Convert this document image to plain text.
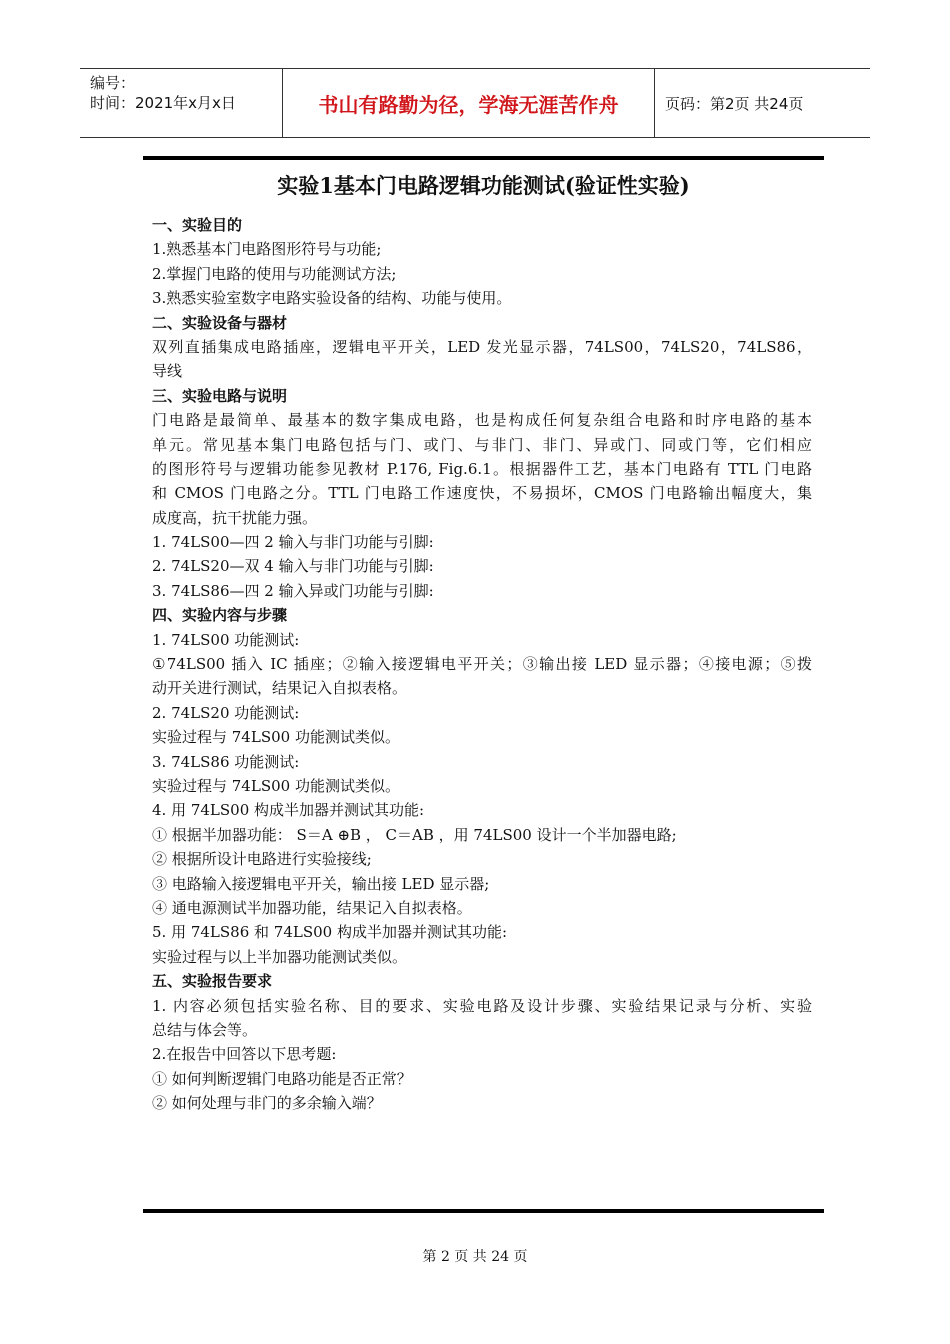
编号：
时间：2021年x月x日	书山有路勤为径，学海无涯苦作舟	页码：第2页 共24页
实验1基本门电路逻辑功能测试(验证性实验)
一、实验目的
1.熟悉基本门电路图形符号与功能;
2.掌握门电路的使用与功能测试方法;
3.熟悉实验室数字电路实验设备的结构、功能与使用。
二、实验设备与器材
双列直插集成电路插座，逻辑电平开关，LED 发光显示器，74LS00，74LS20，74LS86，
导线
三、实验电路与说明
门电路是最简单、最基本的数字集成电路，也是构成任何复杂组合电路和时序电路的基本
单元。常见基本集门电路包括与门、或门、与非门、非门、异或门、同或门等，它们相应
的图形符号与逻辑功能参见教材 P.176, Fig.6.1。根据器件工艺，基本门电路有 TTL 门电路
和 CMOS 门电路之分。TTL 门电路工作速度快，不易损坏，CMOS 门电路输出幅度大，集
成度高，抗干扰能力强。
1. 74LS00—四 2 输入与非门功能与引脚:
2. 74LS20—双 4 输入与非门功能与引脚:
3. 74LS86—四 2 输入异或门功能与引脚:
四、实验内容与步骤
1. 74LS00 功能测试:
①74LS00 插入 IC 插座；②输入接逻辑电平开关；③输出接 LED 显示器；④接电源；⑤拨
动开关进行测试，结果记入自拟表格。
2. 74LS20 功能测试:
实验过程与 74LS00 功能测试类似。
3. 74LS86 功能测试:
实验过程与 74LS00 功能测试类似。
4. 用 74LS00 构成半加器并测试其功能:
① 根据半加器功能： S＝A ⊕B ， C＝AB ，用 74LS00 设计一个半加器电路;
② 根据所设计电路进行实验接线;
③ 电路输入接逻辑电平开关，输出接 LED 显示器;
④ 通电源测试半加器功能，结果记入自拟表格。
5. 用 74LS86 和 74LS00 构成半加器并测试其功能:
实验过程与以上半加器功能测试类似。
五、实验报告要求
1. 内容必须包括实验名称、目的要求、实验电路及设计步骤、实验结果记录与分析、实验
总结与体会等。
2.在报告中回答以下思考题:
① 如何判断逻辑门电路功能是否正常？
② 如何处理与非门的多余输入端？
第 2 页 共 24 页
